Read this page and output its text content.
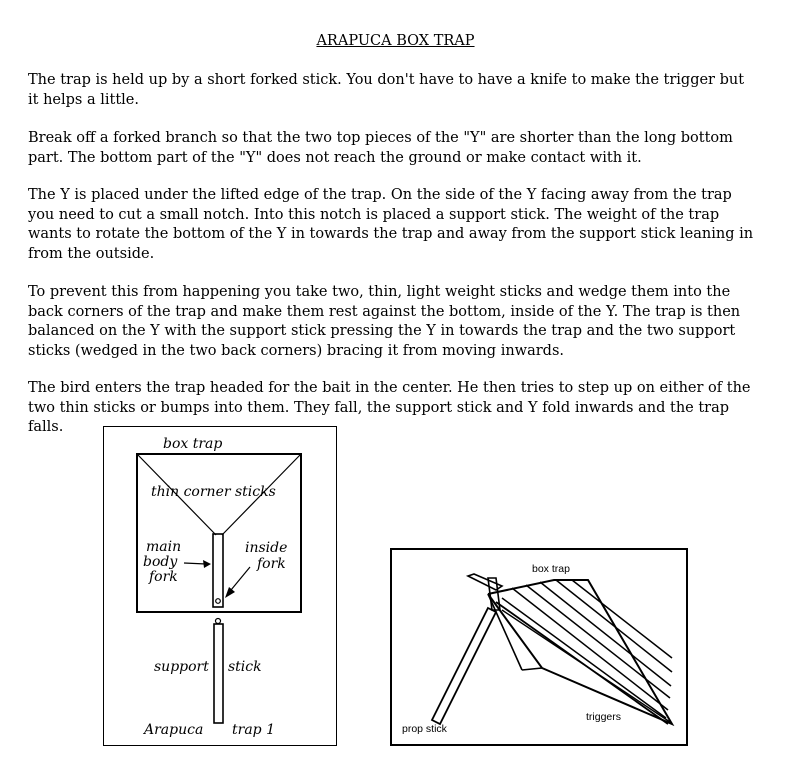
ARAPUCA BOX TRAP

The trap is held up by a short forked stick. You don't have to have a knife to make the trigger but it helps a little.

Break off a forked branch so that the two top pieces of the "Y" are shorter than the long bottom part. The bottom part of the "Y" does not reach the ground or make contact with it.

The Y is placed under the lifted edge of the trap. On the side of the Y facing away from the trap you need to cut a small notch. Into this notch is placed a support stick. The weight of the trap wants to rotate the bottom of the Y in towards the trap and away from the support stick leaning in from the outside.

To prevent this from happening you take two, thin, light weight sticks and wedge them into the back corners of the trap and make them rest against the bottom, inside of the Y. The trap is then balanced on the Y with the support stick pressing the Y in towards the trap and the two support sticks (wedged in the two back corners) bracing it from moving inwards.

The bird enters the trap headed for the bait in the center. He then tries to step up on either of the two thin sticks or bumps into them. They fall, the support stick and Y fold inwards and the trap falls.

box trap
thin corner sticks
main
body
fork
inside
fork
support stick
Arapuca trap 1
box trap
prop stick
triggers
